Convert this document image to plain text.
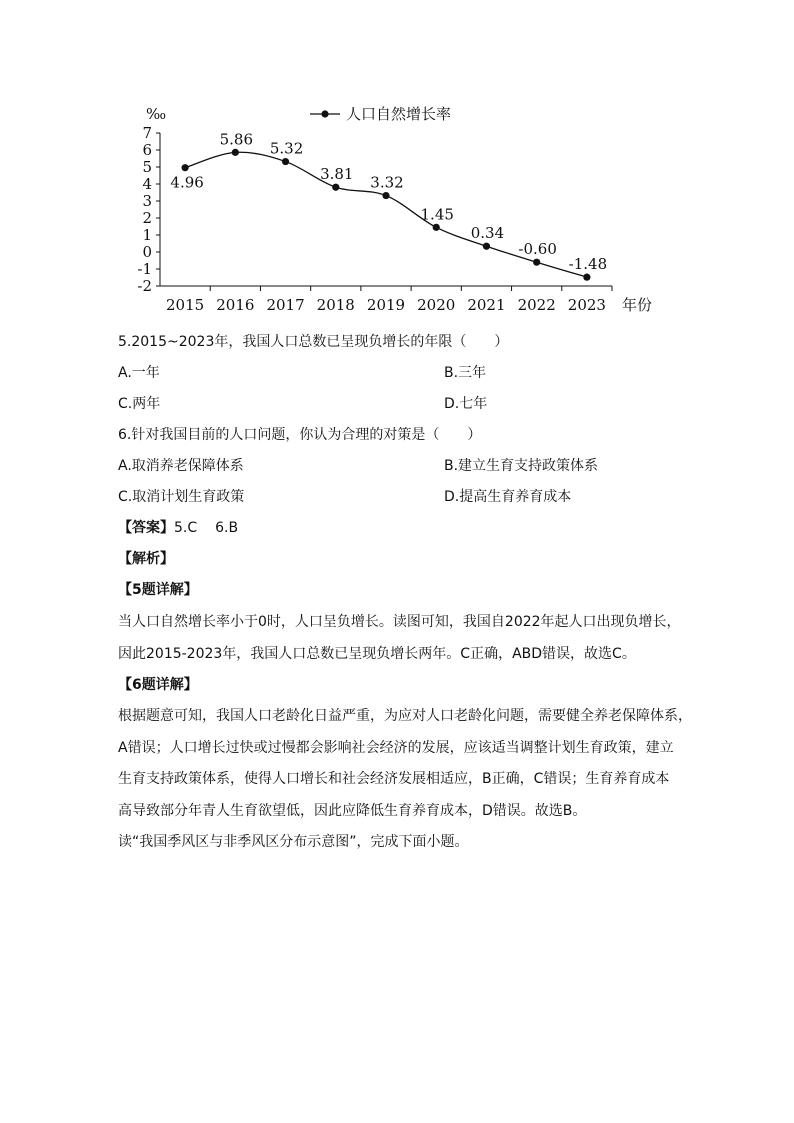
-2
-1
0
1
2
3
4
5
6
7
‰
2015 2016 2017 2018 2019 2020 2021 2022 2023 年份
4.96
5.86
5.32
3.81 3.32
1.45
0.34
-0.60
-1.48
人口自然增长率
5.2015~2023年，我国人口总数已呈现负增长的年限（　　）
A.一年	B.三年
C.两年	D.七年
6.针对我国目前的人口问题，你认为合理的对策是（　　）
A.取消养老保障体系	B.建立生育支持政策体系
C.取消计划生育政策	D.提高生育养育成本
【答案】5.C 6.B
【解析】
【5题详解】
当人口自然增长率小于0时，人口呈负增长。读图可知，我国自2022年起人口出现负增长，
因此2015-2023年，我国人口总数已呈现负增长两年。C正确，ABD错误，故选C。
【6题详解】
根据题意可知，我国人口老龄化日益严重，为应对人口老龄化问题，需要健全养老保障体系，
A错误；人口增长过快或过慢都会影响社会经济的发展，应该适当调整计划生育政策，建立
生育支持政策体系，使得人口增长和社会经济发展相适应，B正确，C错误；生育养育成本
高导致部分年青人生育欲望低，因此应降低生育养育成本，D错误。故选B。
读“我国季风区与非季风区分布示意图”，完成下面小题。
